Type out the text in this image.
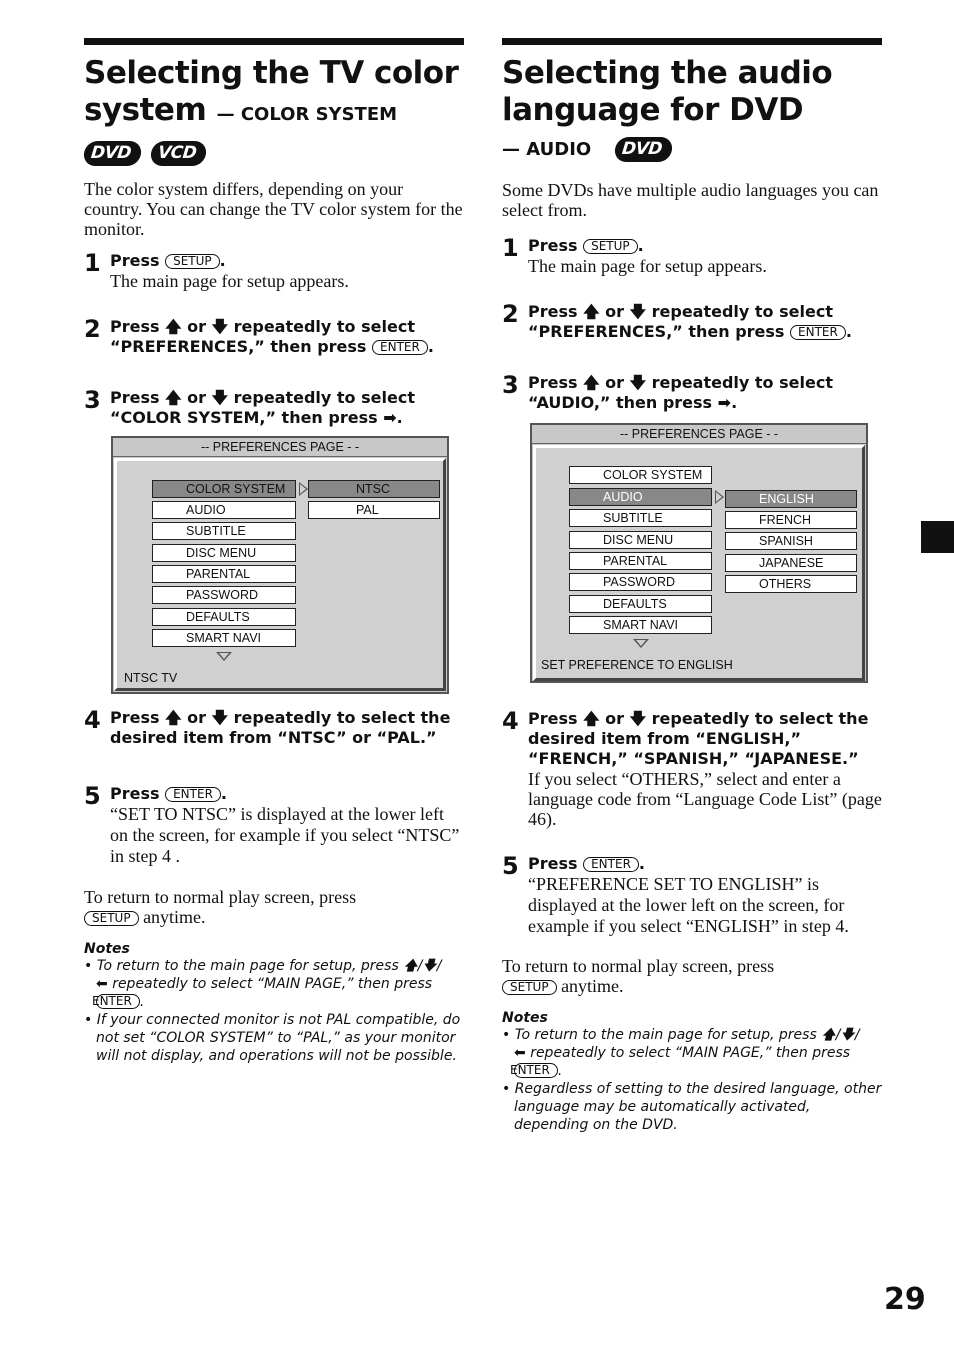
Selecting the TV color
system — COLOR SYSTEM
DVD	VCD
The color system differs, depending on your country. You can change the TV color system for the monitor.
1 Press SETUP .
The main page for setup appears.
2 Press 🡅 or 🡇 repeatedly to select
“PREFERENCES,” then press ENTER .
3 Press 🡅 or 🡇 repeatedly to select “COLOR SYSTEM,” then press ➡.
-- PREFERENCES PAGE - -
COLOR SYSTEM
AUDIO
SUBTITLE
DISC MENU
PARENTAL
PASSWORD
DEFAULTS
SMART NAVI
NTSC
PAL
NTSC TV
4 Press 🡅 or 🡇 repeatedly to select the desired item from “NTSC” or “PAL.”
5 Press ENTER .
“SET TO NTSC” is displayed at the lower left on the screen, for example if you select “NTSC” in step 4 .
To return to normal play screen, press
SETUP anytime.
Notes
• To return to the main page for setup, press 🡅/🡇/
⬅ repeatedly to select “MAIN PAGE,” then press
ENTER .
• If your connected monitor is not PAL compatible, do not set “COLOR SYSTEM” to “PAL,” as your monitor will not display, and operations will not be possible.
Selecting the audio
language for DVD
— AUDIO	DVD
Some DVDs have multiple audio languages you can select from.
1 Press SETUP .
The main page for setup appears.
2 Press 🡅 or 🡇 repeatedly to select
“PREFERENCES,” then press ENTER .
3 Press 🡅 or 🡇 repeatedly to select
“AUDIO,” then press ➡.
-- PREFERENCES PAGE - -
COLOR SYSTEM
AUDIO
SUBTITLE
DISC MENU
PARENTAL
PASSWORD
DEFAULTS
SMART NAVI
ENGLISH
FRENCH
SPANISH
JAPANESE
OTHERS
SET PREFERENCE TO ENGLISH
4 Press 🡅 or 🡇 repeatedly to select the desired item from “ENGLISH,” “FRENCH,” “SPANISH,” “JAPANESE.”
If you select “OTHERS,” select and enter a language code from “Language Code List” (page 46).
5 Press ENTER .
“PREFERENCE SET TO ENGLISH” is displayed at the lower left on the screen, for example if you select “ENGLISH” in step 4.
To return to normal play screen, press
SETUP anytime.
Notes
• To return to the main page for setup, press 🡅/🡇/
⬅ repeatedly to select “MAIN PAGE,” then press
ENTER .
• Regardless of setting to the desired language, other language may be automatically activated, depending on the DVD.
29
